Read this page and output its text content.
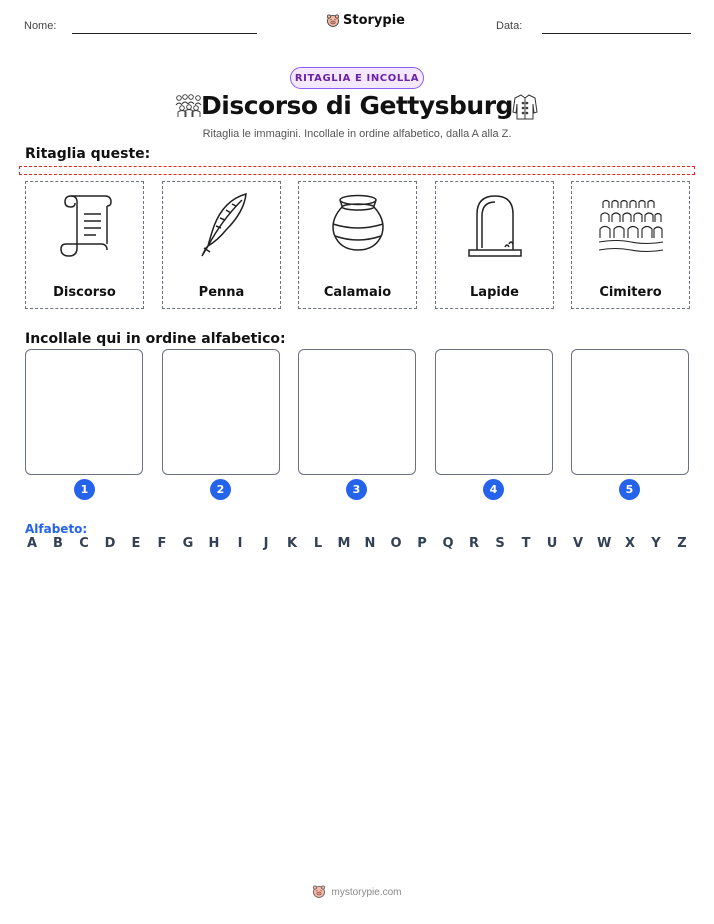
Nome:	Storypie	Data:
RITAGLIA E INCOLLA
Discorso di Gettysburg
Ritaglia le immagini. Incollale in ordine alfabetico, dalla A alla Z.
Ritaglia queste:
Discorso	Penna	Calamaio	Lapide	Cimitero
Incollale qui in ordine alfabetico:
1	2	3	4	5
Alfabeto:
A B C D E F G H	I	J	K L M N O P Q R S T U V W X Y Z
mystorypie.com
